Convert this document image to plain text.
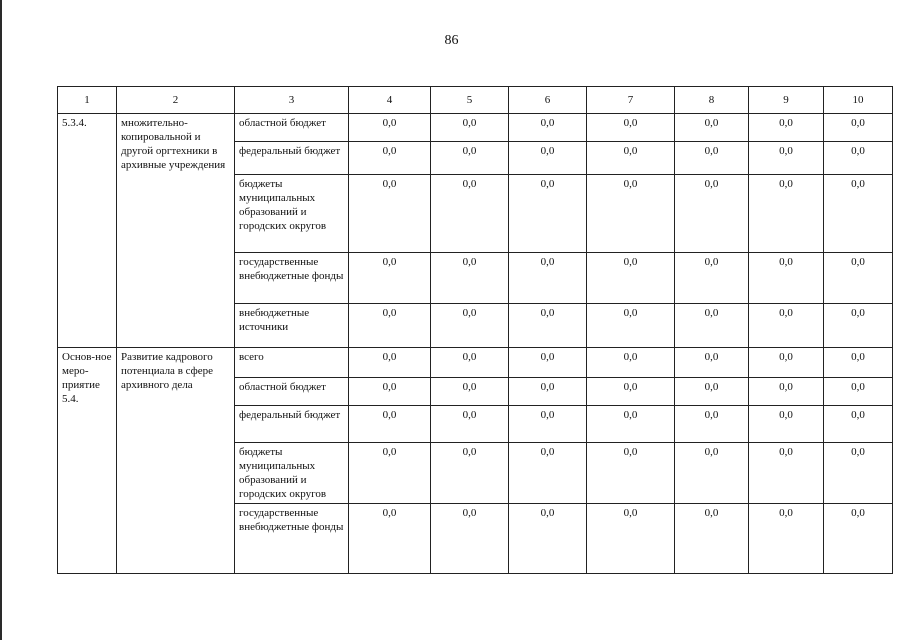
86
1	2	3	4	5	6	7	8	9	10
5.3.4.	множительно-копировальной и другой оргтехники в архивные учреждения	областной бюджет	0,0	0,0	0,0	0,0	0,0	0,0	0,0
		федеральный бюджет	0,0	0,0	0,0	0,0	0,0	0,0	0,0
		бюджеты муниципальных образований и городских округов	0,0	0,0	0,0	0,0	0,0	0,0	0,0
		государственные внебюджетные фонды	0,0	0,0	0,0	0,0	0,0	0,0	0,0
		внебюджетные источники	0,0	0,0	0,0	0,0	0,0	0,0	0,0
Основ-ное меро-приятие 5.4.	Развитие кадрового потенциала в сфере архивного дела	всего	0,0	0,0	0,0	0,0	0,0	0,0	0,0
		областной бюджет	0,0	0,0	0,0	0,0	0,0	0,0	0,0
		федеральный бюджет	0,0	0,0	0,0	0,0	0,0	0,0	0,0
		бюджеты муниципальных образований и городских округов	0,0	0,0	0,0	0,0	0,0	0,0	0,0
		государственные внебюджетные фонды	0,0	0,0	0,0	0,0	0,0	0,0	0,0
